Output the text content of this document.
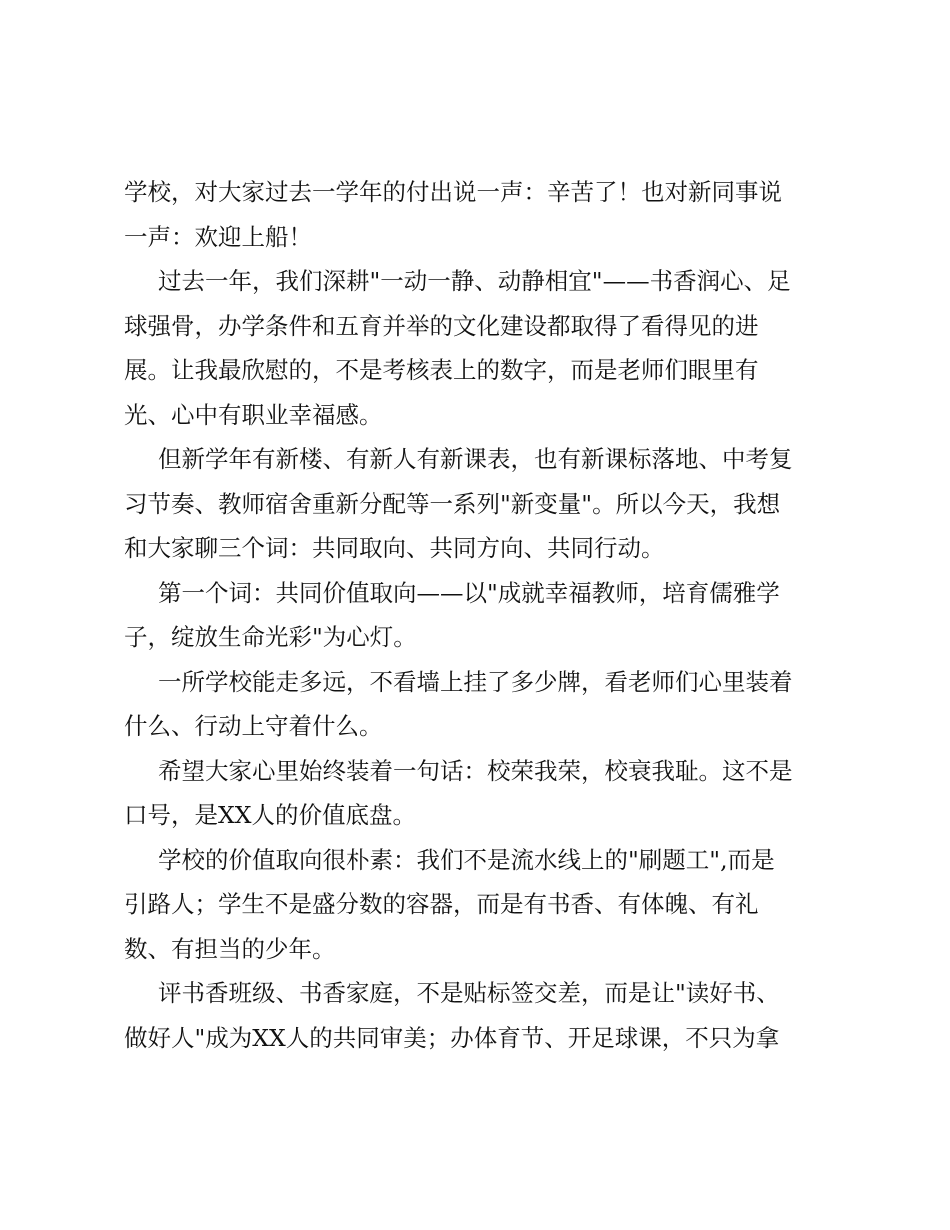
学校，对大家过去一学年的付出说一声：辛苦了！也对新同事说
一声：欢迎上船！
过去一年，我们深耕"一动一静、动静相宜"——书香润心、足
球强骨，办学条件和五育并举的文化建设都取得了看得见的进
展。让我最欣慰的，不是考核表上的数字，而是老师们眼里有
光、心中有职业幸福感。
但新学年有新楼、有新人有新课表，也有新课标落地、中考复
习节奏、教师宿舍重新分配等一系列"新变量"。所以今天，我想
和大家聊三个词：共同取向、共同方向、共同行动。
第一个词：共同价值取向——以"成就幸福教师，培育儒雅学
子，绽放生命光彩"为心灯。
一所学校能走多远，不看墙上挂了多少牌，看老师们心里装着
什么、行动上守着什么。
希望大家心里始终装着一句话：校荣我荣，校衰我耻。这不是
口号，是XX人的价值底盘。
学校的价值取向很朴素：我们不是流水线上的"刷题工",而是
引路人；学生不是盛分数的容器，而是有书香、有体魄、有礼
数、有担当的少年。
评书香班级、书香家庭，不是贴标签交差，而是让"读好书、
做好人"成为XX人的共同审美；办体育节、开足球课，不只为拿
